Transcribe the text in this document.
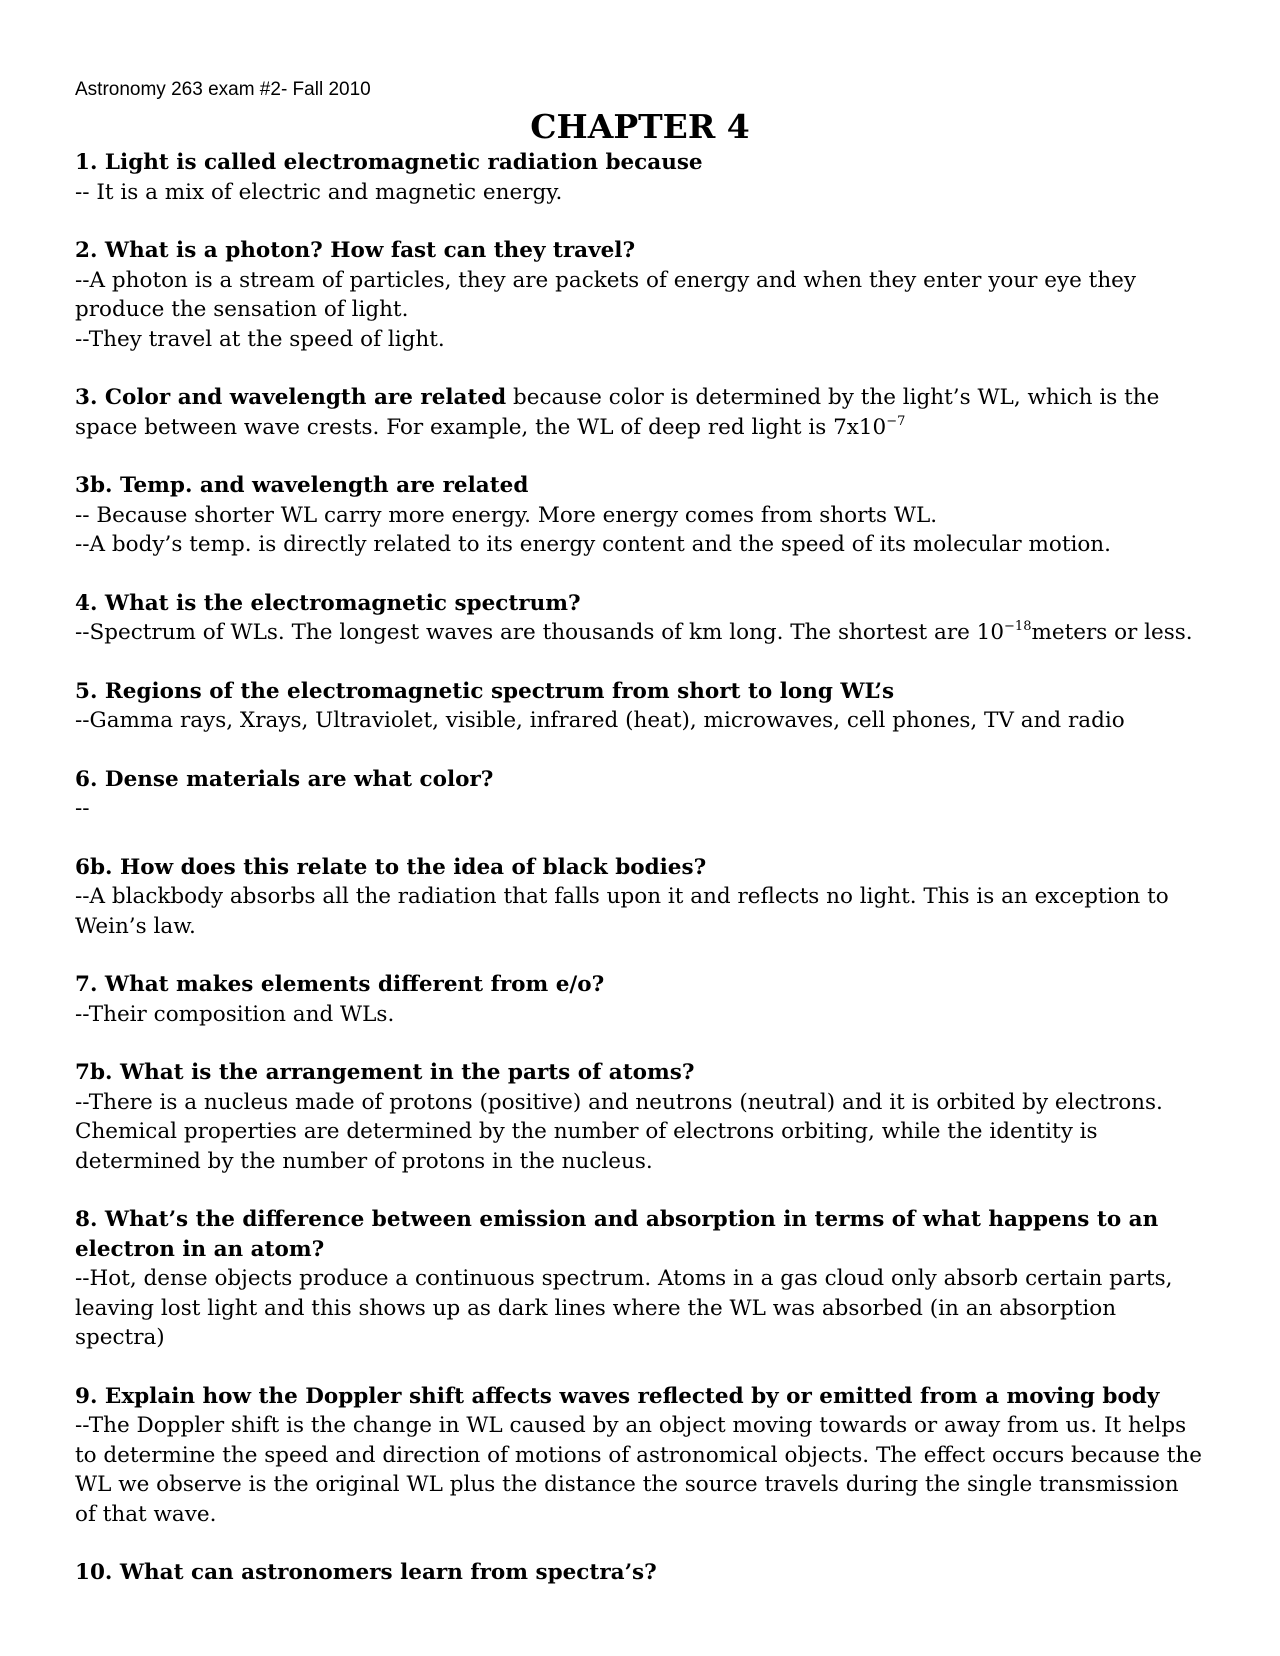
Astronomy 263 exam #2- Fall 2010

CHAPTER 4

1. Light is called electromagnetic radiation because

-- It is a mix of electric and magnetic energy.

2. What is a photon? How fast can they travel?

--A photon is a stream of particles, they are packets of energy and when they enter your eye they produce the sensation of light.

--They travel at the speed of light.

3. Color and wavelength are related because color is determined by the light’s WL, which is the space between wave crests. For example, the WL of deep red light is $7x10^{-7}$

3b. Temp. and wavelength are related

-- Because shorter WL carry more energy. More energy comes from shorts WL.

--A body’s temp. is directly related to its energy content and the speed of its molecular motion.

4. What is the electromagnetic spectrum?

--Spectrum of WLs. The longest waves are thousands of km long. The shortest are $10^{-18}meters$ or less.

5. Regions of the electromagnetic spectrum from short to long WL’s

--Gamma rays, Xrays, Ultraviolet, visible, infrared (heat), microwaves, cell phones, TV and radio

6. Dense materials are what color?

--

6b. How does this relate to the idea of black bodies?

--A blackbody absorbs all the radiation that falls upon it and reflects no light. This is an exception to Wein’s law.

7. What makes elements different from e/o?

--Their composition and WLs.

7b. What is the arrangement in the parts of atoms?

--There is a nucleus made of protons (positive) and neutrons (neutral) and it is orbited by electrons. Chemical properties are determined by the number of electrons orbiting, while the identity is determined by the number of protons in the nucleus.

8. What’s the difference between emission and absorption in terms of what happens to an electron in an atom?

--Hot, dense objects produce a continuous spectrum. Atoms in a gas cloud only absorb certain parts, leaving lost light and this shows up as dark lines where the WL was absorbed (in an absorption spectra)

9. Explain how the Doppler shift affects waves reflected by or emitted from a moving body

--The Doppler shift is the change in WL caused by an object moving towards or away from us. It helps to determine the speed and direction of motions of astronomical objects. The effect occurs because the WL we observe is the original WL plus the distance the source travels during the single transmission of that wave.

10. What can astronomers learn from spectra’s?
